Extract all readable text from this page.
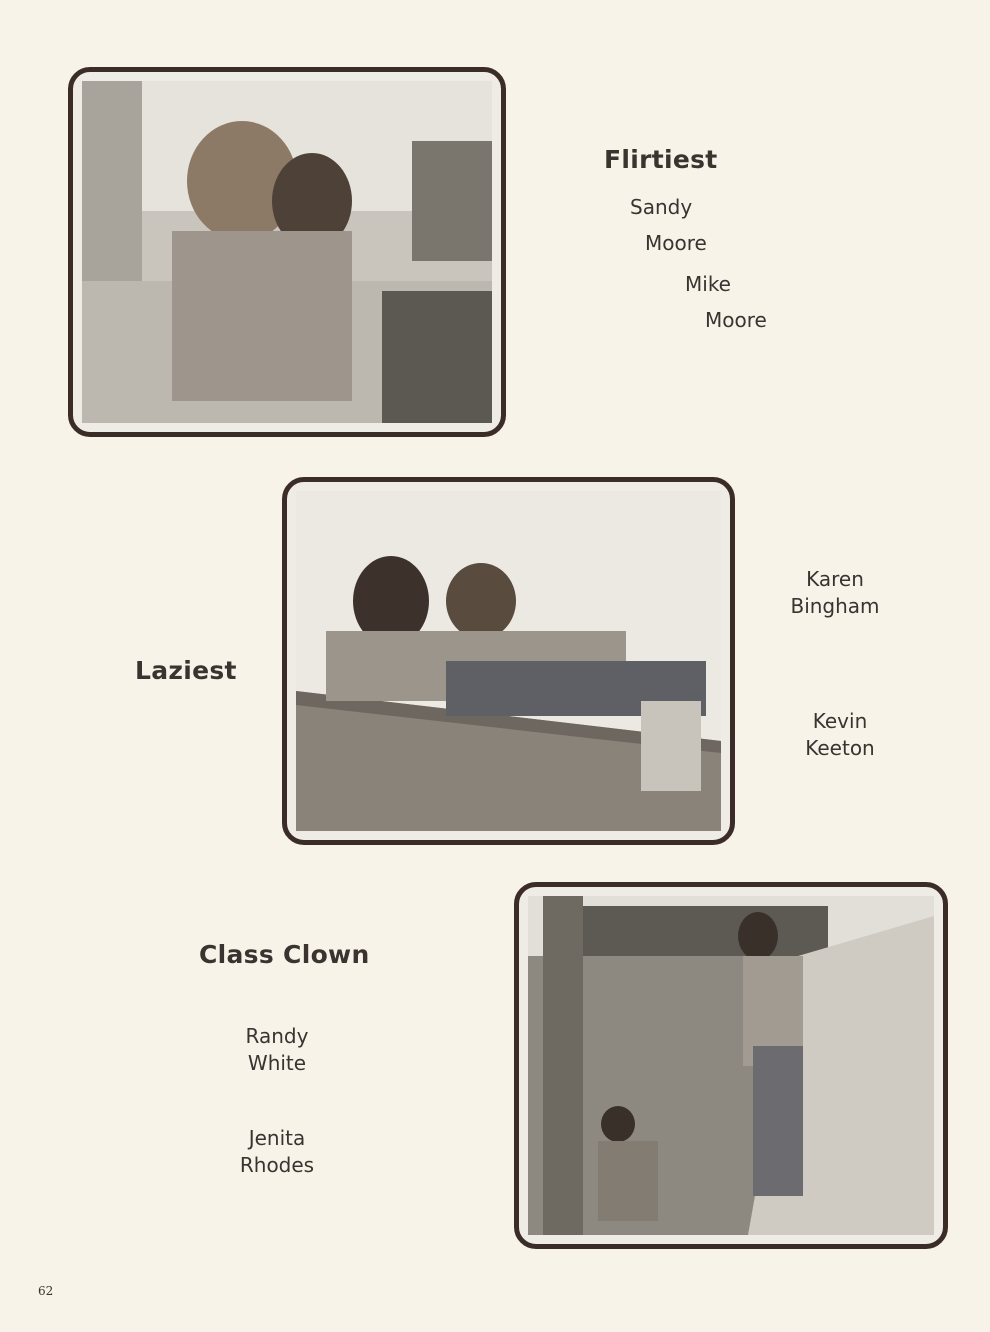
Flirtiest
Sandy
Moore
Mike
Moore
Laziest
Karen
Bingham
Kevin
Keeton
Class Clown
Randy
White
Jenita
Rhodes
62
